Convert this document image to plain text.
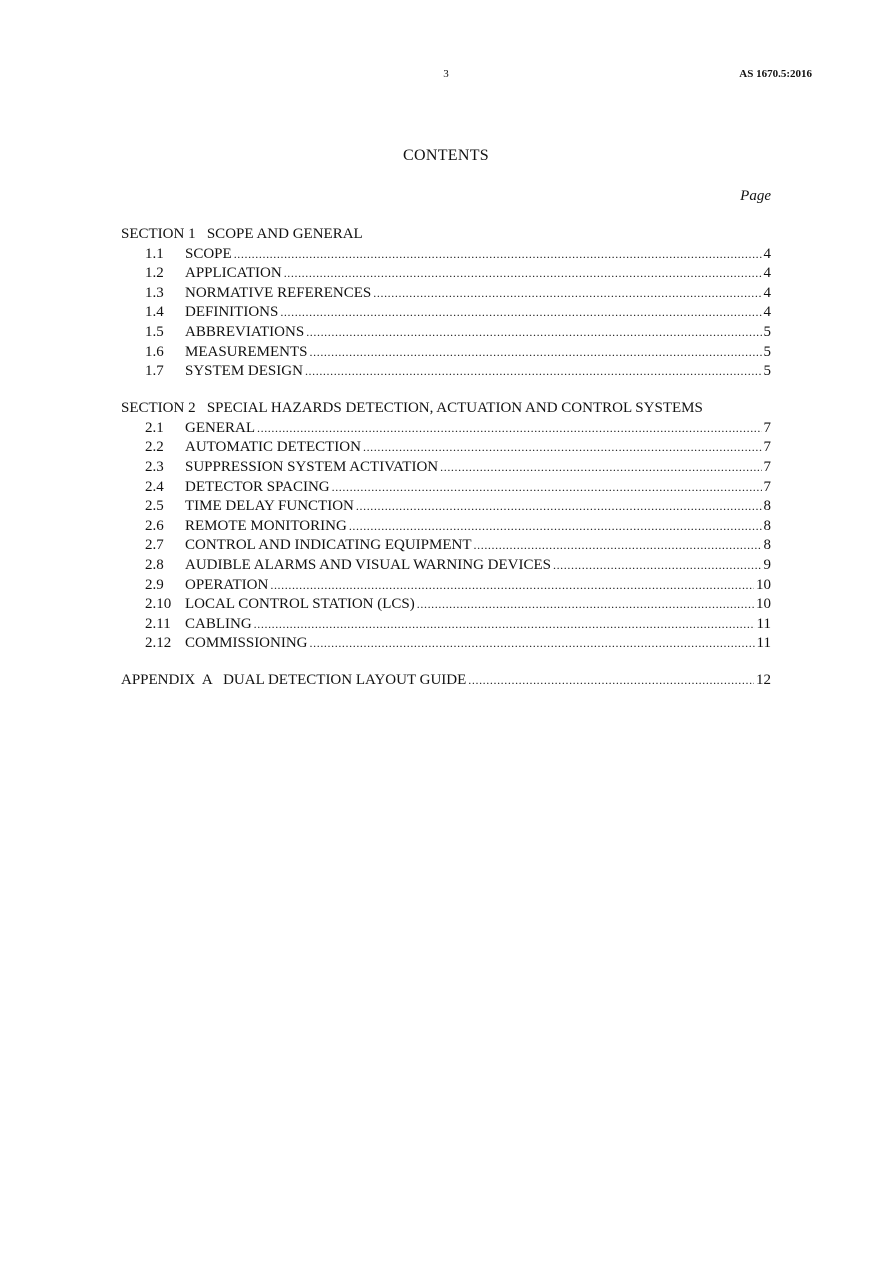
3	AS 1670.5:2016
CONTENTS
Page
SECTION 1 SCOPE AND GENERAL
1.1	SCOPE .....	4
1.2	APPLICATION .....	4
1.3	NORMATIVE REFERENCES .....	4
1.4	DEFINITIONS .....	4
1.5	ABBREVIATIONS .....	5
1.6	MEASUREMENTS .....	5
1.7	SYSTEM DESIGN .....	5
SECTION 2 SPECIAL HAZARDS DETECTION, ACTUATION AND CONTROL SYSTEMS
2.1	GENERAL .....	7
2.2	AUTOMATIC DETECTION .....	7
2.3	SUPPRESSION SYSTEM ACTIVATION .....	7
2.4	DETECTOR SPACING .....	7
2.5	TIME DELAY FUNCTION .....	8
2.6	REMOTE MONITORING .....	8
2.7	CONTROL AND INDICATING EQUIPMENT .....	8
2.8	AUDIBLE ALARMS AND VISUAL WARNING DEVICES .....	9
2.9	OPERATION .....	10
2.10 LOCAL CONTROL STATION (LCS) .....	10
2.11 CABLING .....	11
2.12 COMMISSIONING .....	11
APPENDIX  A   DUAL DETECTION LAYOUT GUIDE .....	12
